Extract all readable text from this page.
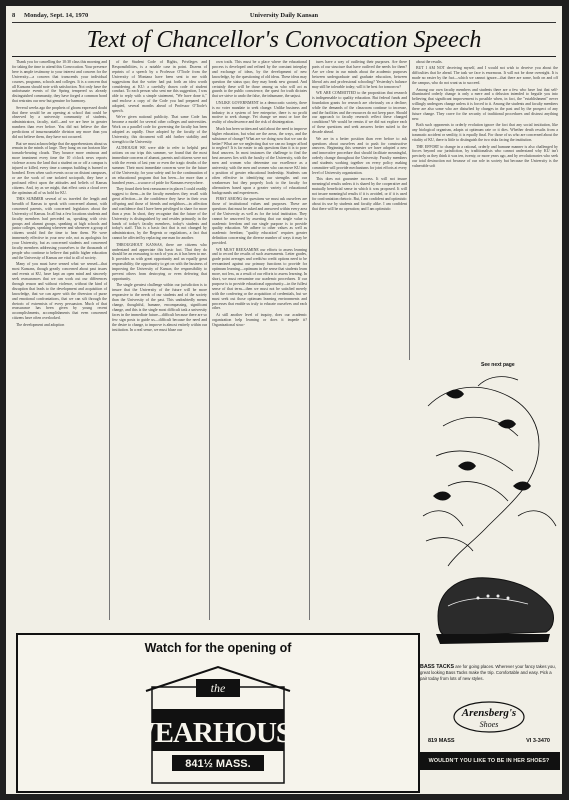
8 Monday, Sept. 14, 1970	University Daily Kansan
Text of Chancellor's Convocation Speech

Thank you for cancelling the 10:30 class this morning and for taking the time to attend this Convocation. Your presence here is ample testimony to your interest and concern for the University—a concern that transcends your individual courses, programs, schools and colleges. It is a concern that all Kansans should note with satisfaction. Not only have the unfortunate events of the Spring tempered us already distinguished community, they have forged a common bond that restrains our new but genuine for harmony.

Several weeks ago the prophets of gloom expressed doubt that there would be an opening at school that could be observed by a university community of students, administrators, faculty, staff—and we are here in greater numbers than ever before. You did not believe the dire predictions of insurmountable division any more than you did not believe them, they have not occurred.

But we must acknowledge that the apprehensions about us remain in the minds of large. They hang on our horizon like tornado-bearing clouds. They bounce more ominous and more imminent every time the 10 o'clock news reports violence across the land that a student on or off a campus is injured or killed, every time a campus building is burned or bombed. Even when such events occur on distant campuses, or are the work of one isolated sociopath, they have a profound effect upon the attitudes and beliefs of Kansas citizens. And, try as we might, that effect casts a cloud over the optimism all of us hold for KU.

THIS SUMMER several of us traveled the length and breadth of Kansas to speak with concerned alumni, with concerned parents, with concerned legislators about the University of Kansas. In all but a few locations students and faculty members had preceded us, speaking with civic groups and alumni groups, speaking at high schools and junior colleges, speaking wherever and whenever a group of citizens would find the time to hear them. We were immensely effective in your new role, not as apologists for your University, but as concerned students and concerned faculty members addressing yourselves to the thousands of people who continue to believe that public higher education and the University of Kansas are vital to all of society.

Many of you must have sensed what we sensed—that most Kansans, though greatly concerned about past issues and events at KU, have kept an open mind and sincerely seek reassurances that we can work out our differences through reason and without violence, without the kind of disruption that leads to the development and acquisition of knowledge, that we can agree with the diversion of purse and emotional confrontations, that we can sift through the rhetoric of extremists of every persuasion. Much of that reassurance has been given by young recent accomplishments, accomplishments that even concerned citizens have often overlooked.

The development and adoption

of the Student Code of Rights, Privileges and Responsibilities, is a notable case in point. Dozens of reprints of a speech by a Professor O'Toole from the University of Montana have been sent to me with suggestions that the writer had put forth an idea worth considering at KU: a carefully drawn code of student conduct. To each person who sent me this suggestion, I was able to reply with a simple statement, "We have done it," and enclose a copy of the Code you had prepared and adopted, several months ahead of Professor O'Toole's speech.

We've given national publicity. That same Code has become a model for several other colleges and universities. Work on a parallel code for governing the faculty has been adopted as rapidly. Once adopted by the faculty of the University, this document will add further stability and strength to the University.

ALTHOUGH WE were able to refer to helpful past actions on our trips this summer, we found that the most immediate concerns of alumni, parents and citizens were not with the events of last year or even the tragic deaths of the summer. Their most immediate concerns were for the future of the University, for your safety and for the continuation of an educational program that has been—for more than a hundred years—a source of pride for Kansans everywhere.

They found their best reassurance in places I could readily suggest to them—in the faculty members they recall with great affection—in the confidence they have in their own offspring and those of friends and neighbors—in affection and confidence that I have been privileged to share for more than a year. In short, they recognize that the future of the University is distinguished by and resides primarily in the hands of today's faculty members, today's students and today's staff. This is a basic fact that is not changed by administrators, by the Regents or regulations, a fact that cannot be affected by replacing one man for another.

THROUGHOUT KANSAS, there are citizens who understand and appreciate this basic fact. That they do should be an reassuring to each of you as it has been to me. It provides us with great opportunity and an equally great responsibility; the opportunity to get on with the business of improving the University of Kansas; the responsibility to prevent others from destroying or even deferring that opportunity.

The single greatest challenge within our jurisdiction is to insure that the University of the future will be more responsive to the needs of our students and of the society than the University of the past. This undoubtedly means change, thoughtful, humane, encompassing, significant change, and this is the single most difficult task a university faces in the immediate future—difficult because there are so few sign posts to guide us—difficult because the need and the desire to change, to improve is almost entirely within our institution. In a real sense, we must blaze our

own trails. This must be a place where the educational process is developed and refined by the constant interplay and exchange of ideas, by the development of new knowledge, by the questioning of old ideas. These ideas may question the status quo; they may break new ground. And certainly these will be those among us who will act as guards to the public conscience, the quest for truth dictates that we strive to undo the false, the inhumane, the unjust.

UNLIKE GOVERNMENT in a democratic society, there is no voter mandate to seek change. Unlike business and industry in a system of free enterprise, there is no profit motive to seek change. Yet change we must or face the reality of obsolescence and the risk of disintegration.

Much has been written and said about the need to improve higher education, but what are the areas, the ways, and the substance of change? What are we doing now that we can do better? What are we neglecting that we can no longer afford to neglect? It is far easier to ask questions than it is to pose final answers. In most instances the challenge to find the best answers lies with the faculty of the University, with the men and women who determine our excellence as a university, with the men and women who can move KU into a position of greater educational leadership. Students can often effective in identifying our strengths and our weaknesses but they properly look to the faculty for alternatives based upon a greater variety of educational backgrounds and experiences.

FIRST AMONG the questions we must ask ourselves are those of institutional values and purposes. These are questions that must be asked and answered within every area of the University as well as for the total institution. They cannot be answered by asserting that our single value is academic freedom and our single purpose is to provide quality education. We adhere to other values as well as academic freedom; "quality education" requires greater definition concerning the diverse number of ways it may be provided.

WE MUST REEXAMINE our efforts to assess learning and to record the results of such assessments. Letter grades, grade point averages and credit/no credit options need to be reexamined against our primary functions to provide for optimum learning—optimum in the sense that students learn more, not less, as a result of our efforts to assess learning. In short, we must reexamine our academic procedures. If our purpose is to provide educational opportunity—in the fullest sense of that term—then we must not be satisfied merely with the conferring or the acquisition of credentials, but we must seek out those optimum learning environments and processes that enable us truly to educate ourselves and each other.

At still another level of inquiry, does our academic organization help learning or does it impede it? Organizational struc-

tures have a way of outliving their purposes. Are there parts of our structure that have outlived the needs for them? Are we clear in our minds about the academic purposes between undergraduate and graduate education, between liberal arts and professional schooling? Yesterday's balance may still be tolerable today; will it be best for tomorrow?

WE ARE COMMITTED to the proposition that research is indispensable to quality education. But federal funds and foundation grants for research are obviously on a decline; while the demands of the classroom continue to increase, and the facilities and the resources do not keep pace. Should our approach to faculty research reflect these changed conditions? We would be remiss if we did not explore each of these questions and seek answers better suited to the decade ahead.

We are in a better position than ever before to ask questions about ourselves and to push for constructive answers. Beginning this semester we have adopted a new and innovative procedure that should facilitate meaningful, orderly change throughout the University. Faculty members and students working together on every policy making committee will provide mechanisms for joint efforts at every level of University organization.

This does not guarantee success. It will not insure meaningful results unless it is shared by the cooperative and mutually beneficial sense in which it was proposed. It will not insure meaningful results if it is avoided, or if it is used for confrontation rhetoric. But, I am confident and optimistic about its use by students and faculty alike. I am confident that there will be no operation; and I am optimistic

about the results.

BUT I AM NOT deceiving myself, and I would not wish to deceive you about the difficulties that lie ahead. The task we face is enormous. It will not be done overnight. It is made no easier by the fact—which we cannot ignore—that there are some, both on and off the campus, who do not want us to succeed.

Among our own faculty members and students there are a few who have lost that self-illuminated orderly change is only a mere and a delusion intended to beguile you into believing that significant improvement is possible when, in fact, the "establishment" never willingly undergoes change unless it is forced to it. Among the students and faculty members there are also some who are disturbed by changes in the past and by the prospect of any future change. They crave for the security of traditional procedures and distrust anything new.

Both such opponents to orderly evolution ignore the fact that any social institution, like any biological organism, adapts at optimum rate or it dies. Whether death results from a traumatic accident or senility, it is equally final. For those of us who are concerned about the vitality of KU, there is little to distinguish the two risks facing the institution.

THE EFFORT to change in a rational, orderly and humane manner is also challenged by forces beyond our jurisdiction, by traditionalists who cannot understand why KU isn't precisely as they think it was ten, twenty, or more years ago, and by revolutionaries who seek our total destruction not because of our role in society but because the University is the vulnerable soft

See next page
Watch for the opening of
the
WEARHOUSE
841½ MASS.
BASS TACKS are for going places. Wherever your fancy takes you, great looking Bass Tacks make the trip. Comfortable and easy. Pick a pair today from lots of new styles.
Arensberg's
Shoes
819 MASS	VI 3-3470
WOULDN'T YOU LIKE TO BE IN HER SHOES?
